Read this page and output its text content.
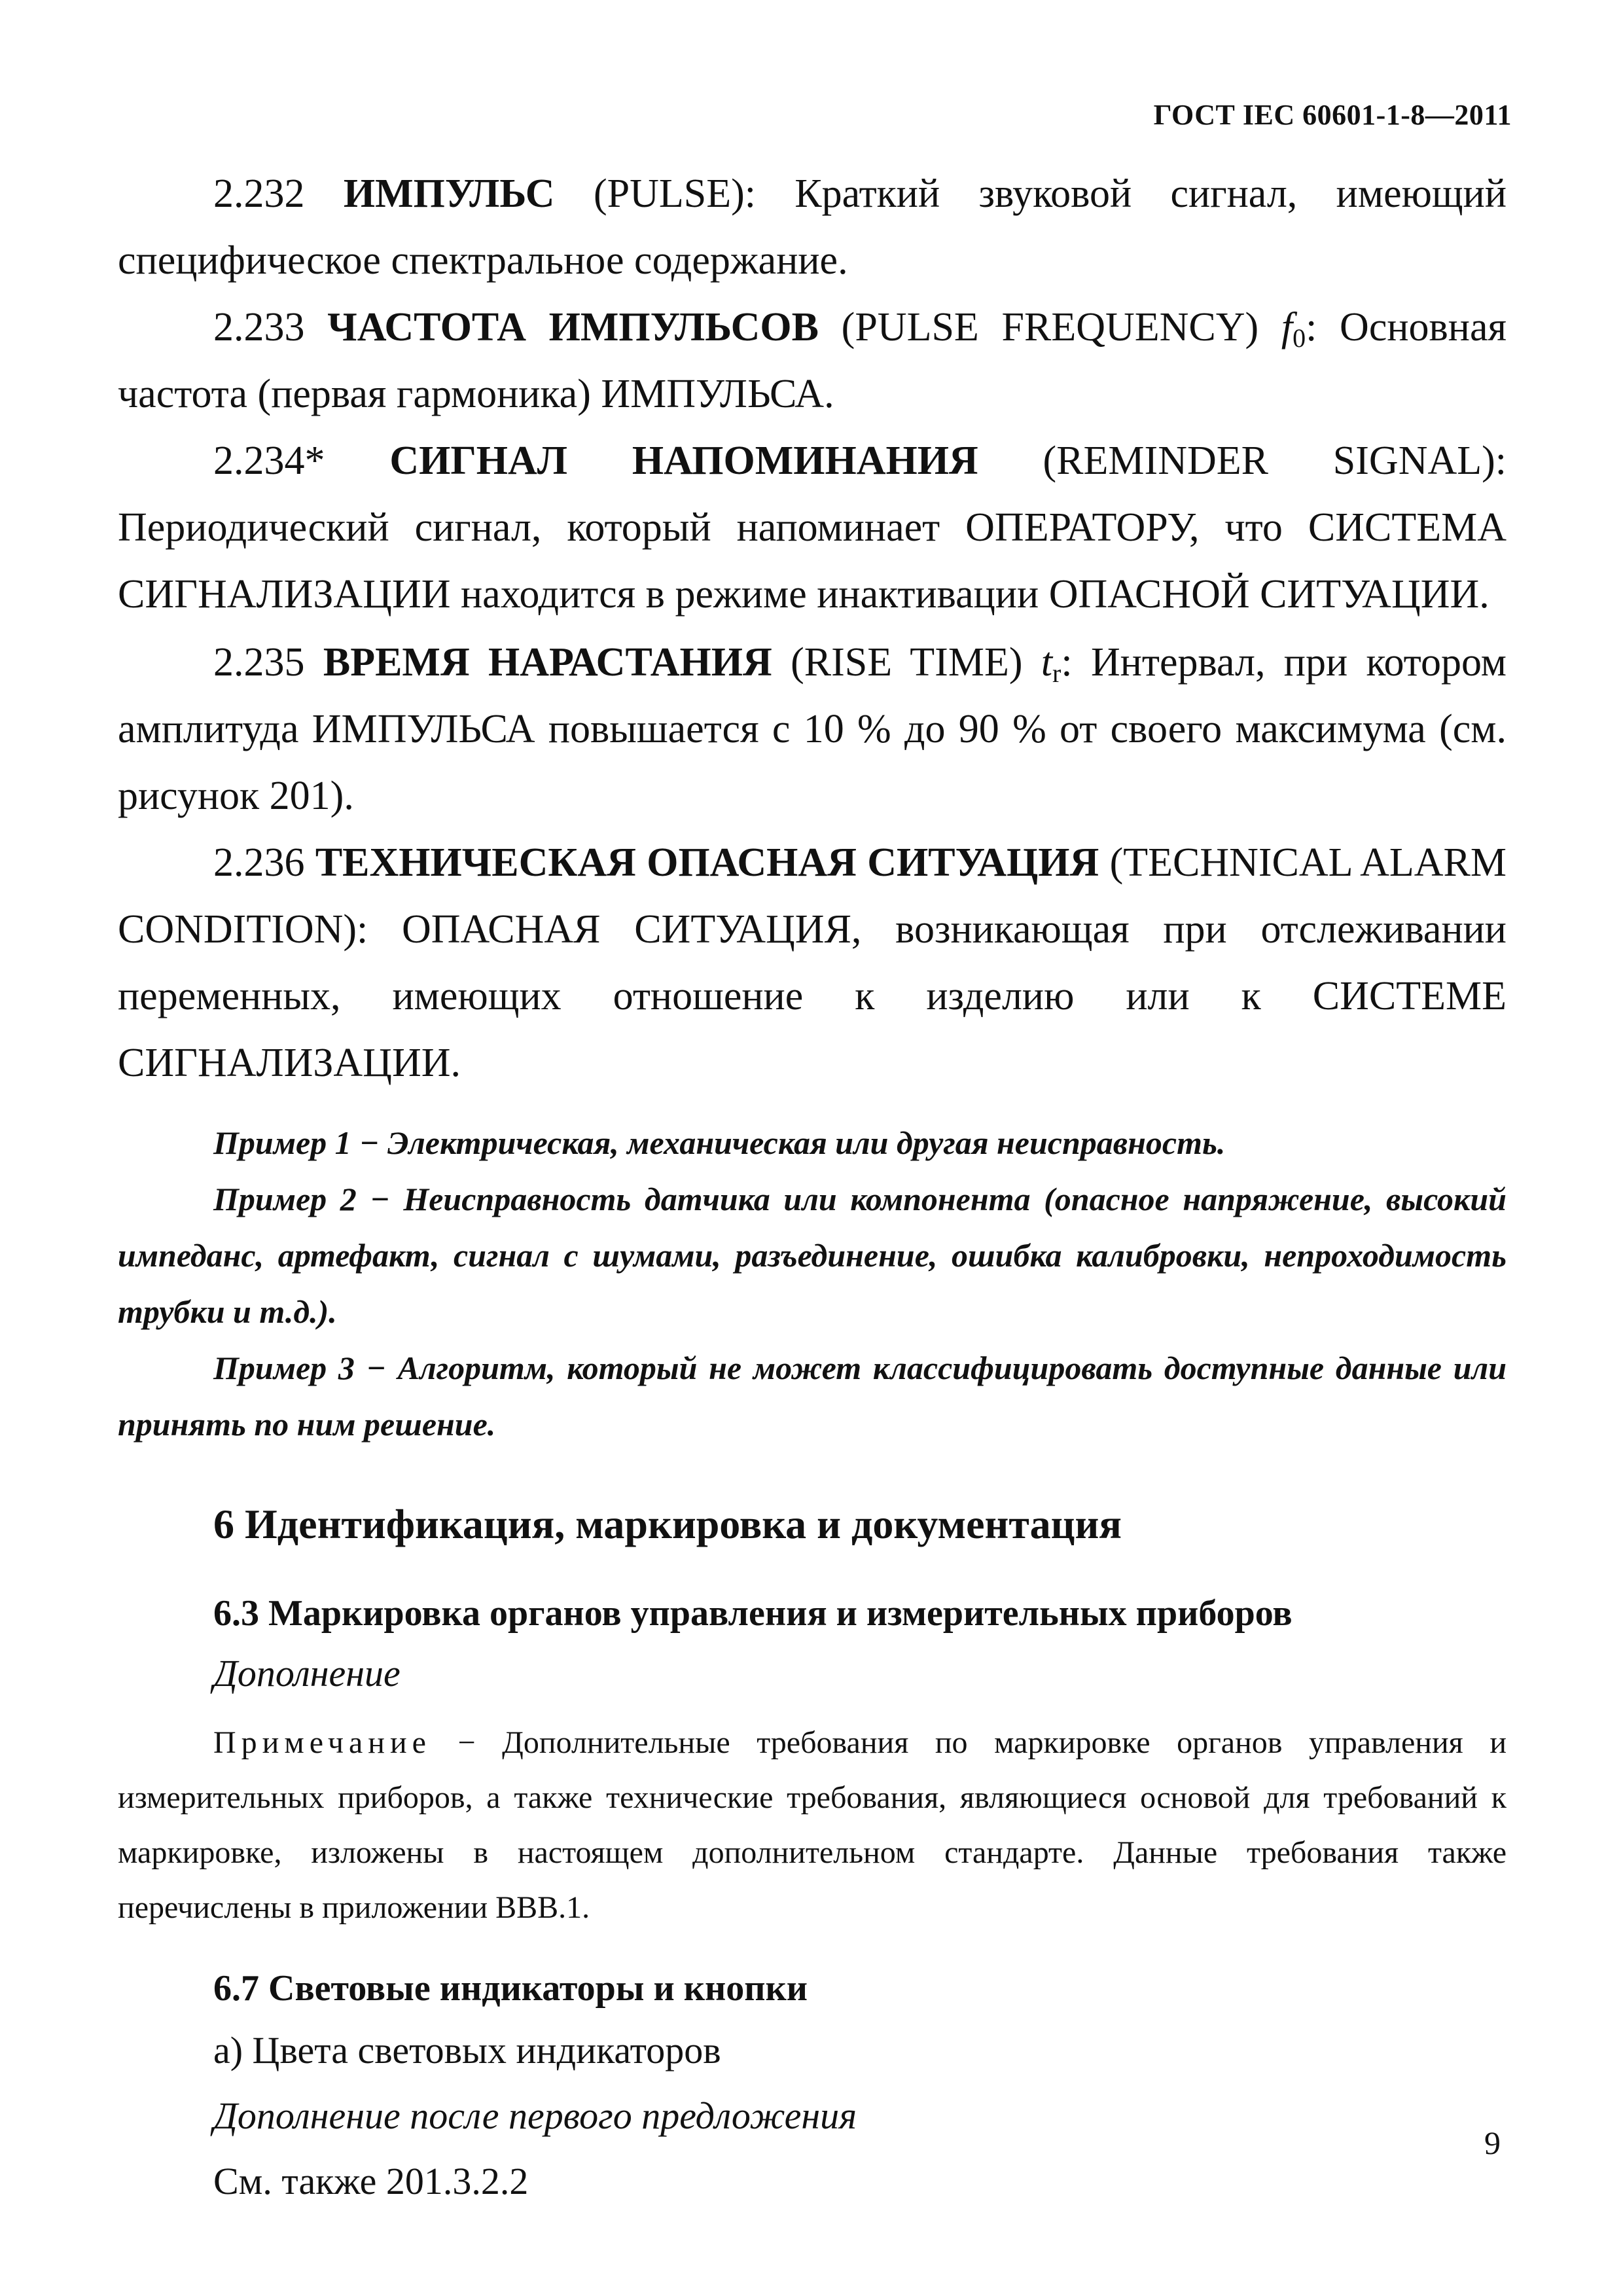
ГОСТ IEC 60601-1-8—2011

2.232 ИМПУЛЬС (PULSE): Краткий звуковой сигнал, имеющий специфическое спектральное содержание.

2.233 ЧАСТОТА ИМПУЛЬСОВ (PULSE FREQUENCY) $f_0$: Основная частота (первая гармоника) ИМПУЛЬСА.

2.234* СИГНАЛ НАПОМИНАНИЯ (REMINDER SIGNAL): Периодический сигнал, который напоминает ОПЕРАТОРУ, что СИСТЕМА СИГНАЛИЗАЦИИ находится в режиме инактивации ОПАСНОЙ СИТУАЦИИ.

2.235 ВРЕМЯ НАРАСТАНИЯ (RISE TIME) $t_r$: Интервал, при котором амплитуда ИМПУЛЬСА повышается с 10 % до 90 % от своего максимума (см. рисунок 201).

2.236 ТЕХНИЧЕСКАЯ ОПАСНАЯ СИТУАЦИЯ (TECHNICAL ALARM CONDITION): ОПАСНАЯ СИТУАЦИЯ, возникающая при отслеживании переменных, имеющих отношение к изделию или к СИСТЕМЕ СИГНАЛИЗАЦИИ.

Пример 1 − Электрическая, механическая или другая неисправность.

Пример 2 − Неисправность датчика или компонента (опасное напряжение, высокий импеданс, артефакт, сигнал с шумами, разъединение, ошибка калибровки, непроходимость трубки и т.д.).

Пример 3 − Алгоритм, который не может классифицировать доступные данные или принять по ним решение.

6 Идентификация, маркировка и документация
6.3 Маркировка органов управления и измерительных приборов

Дополнение

Примечание − Дополнительные требования по маркировке органов управления и измерительных приборов, а также технические требования, являющиеся основой для требований к маркировке, изложены в настоящем дополнительном стандарте. Данные требования также перечислены в приложении ВВВ.1.

6.7 Световые индикаторы и кнопки

а) Цвета световых индикаторов

Дополнение после первого предложения

См. также 201.3.2.2

9
